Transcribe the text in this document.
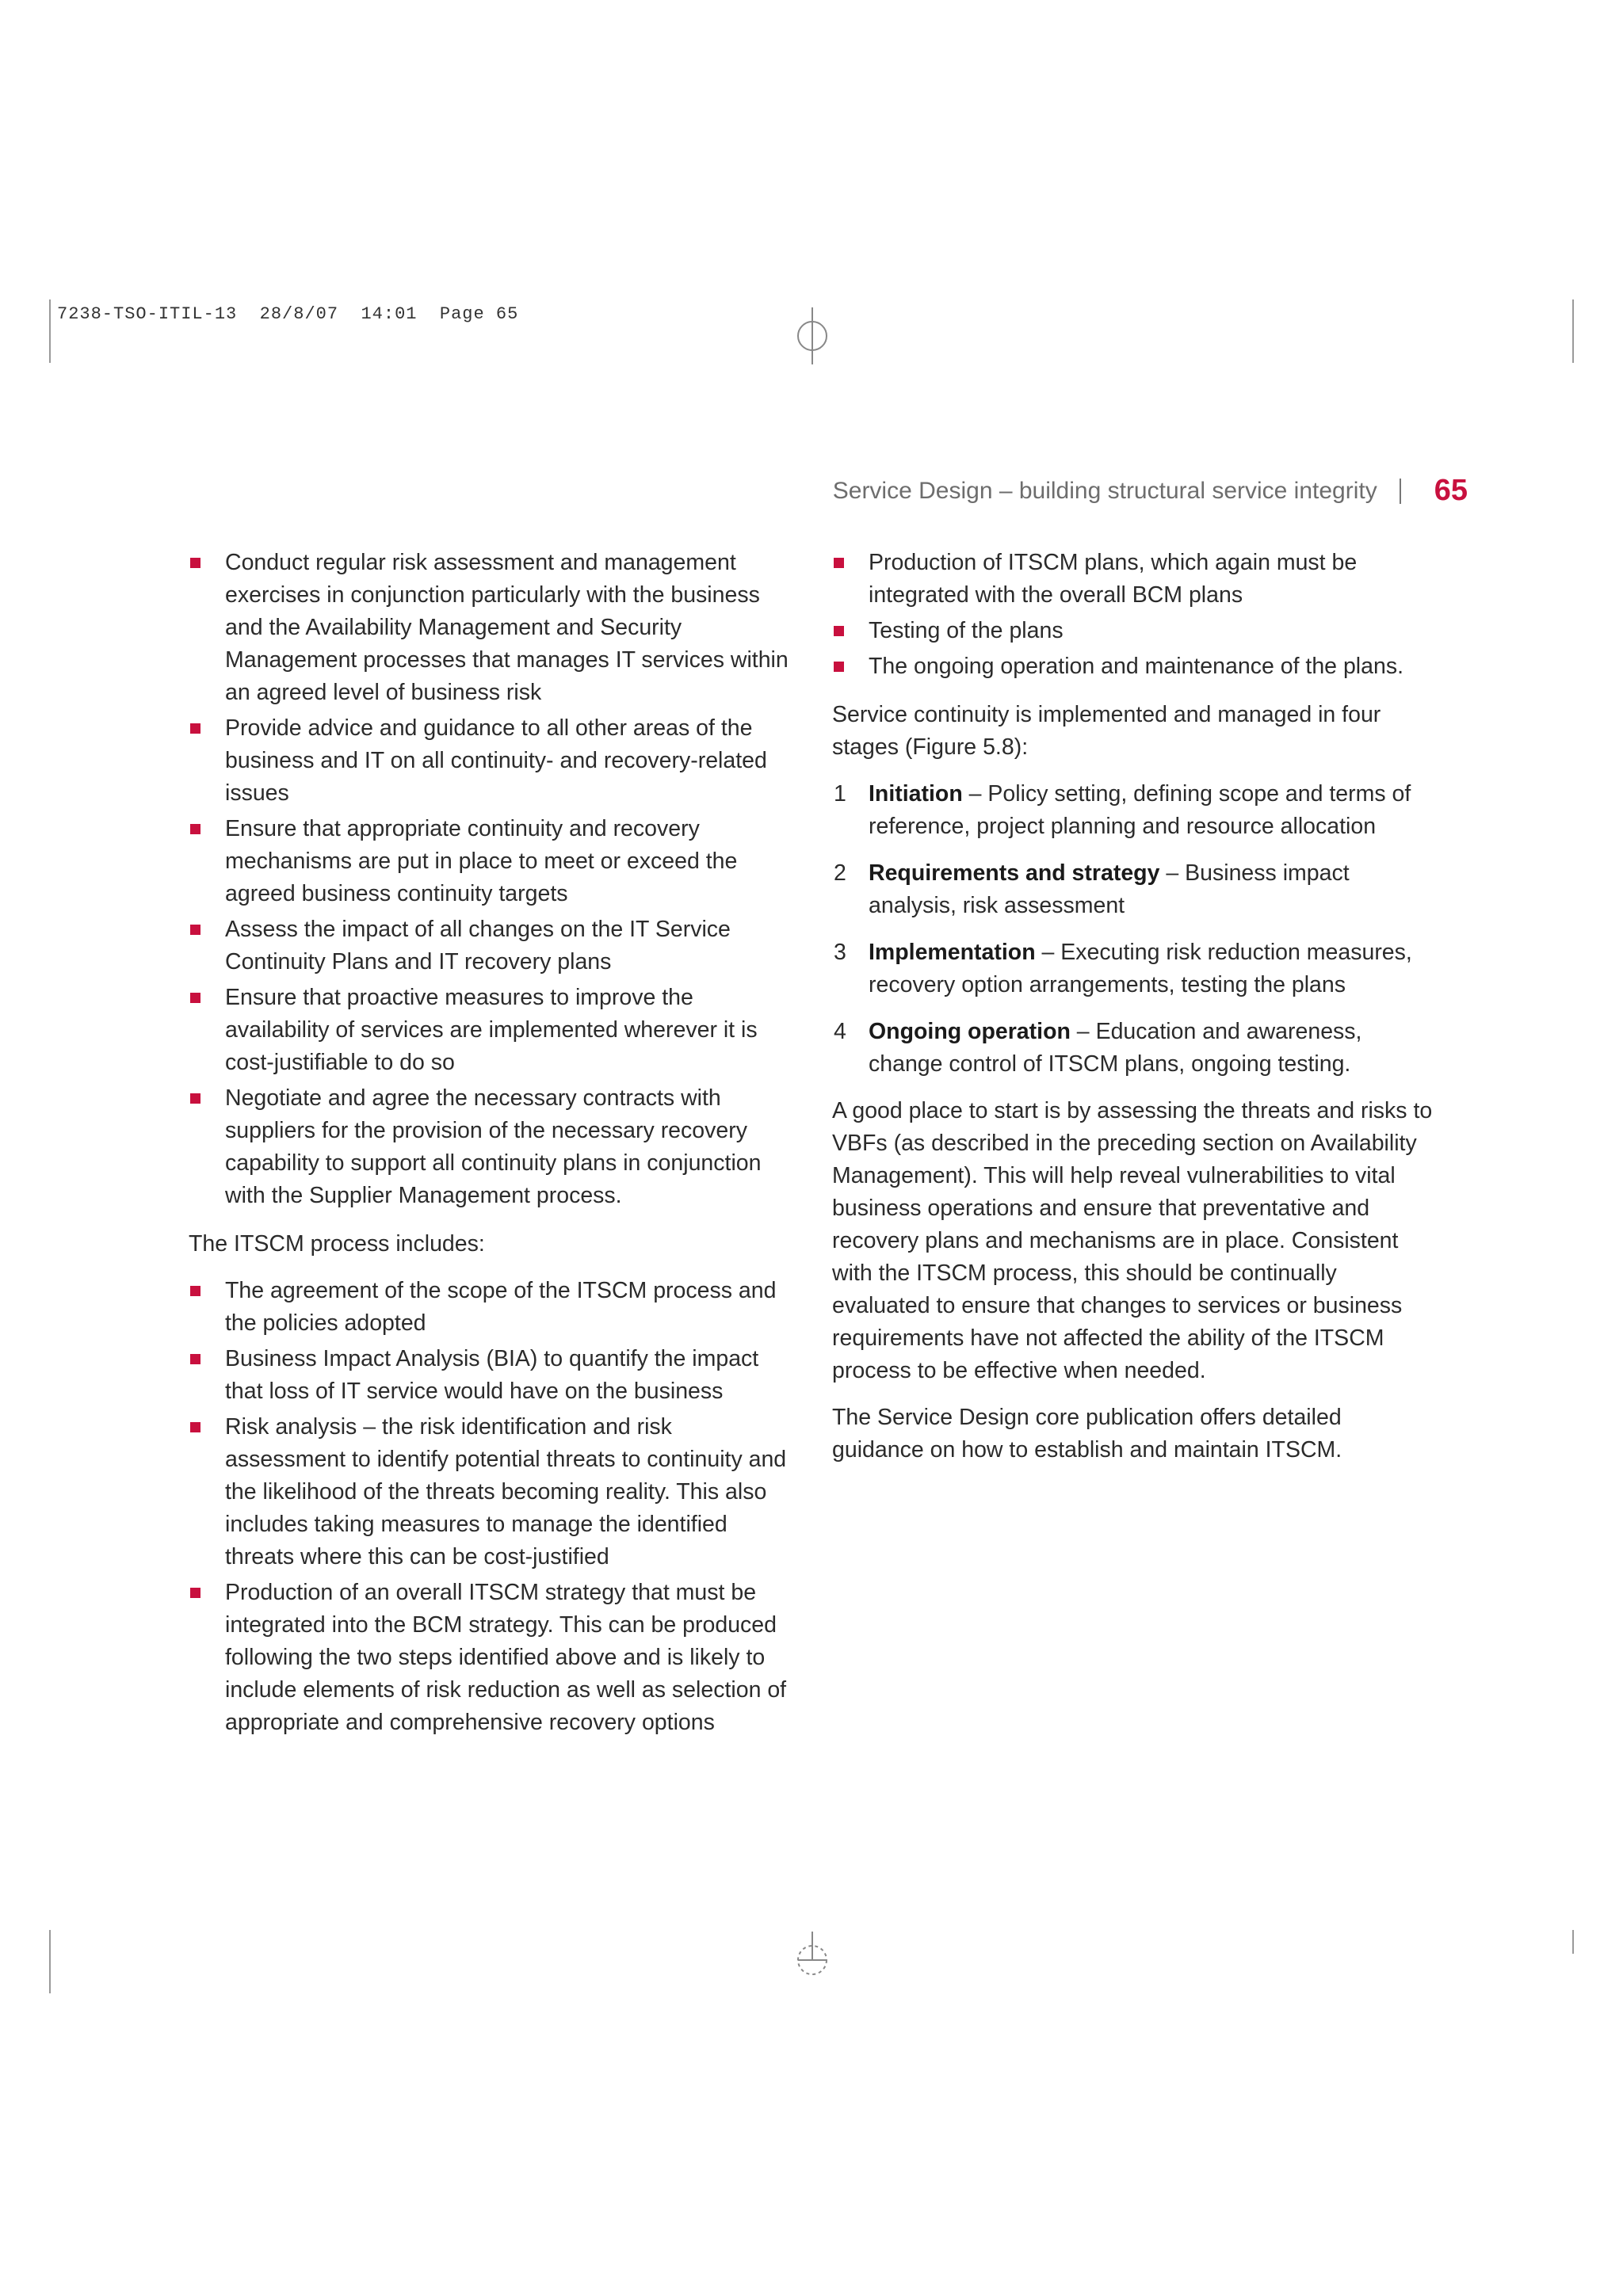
7238-TSO-ITIL-13  28/8/07  14:01  Page 65
Service Design – building structural service integrity 65
Conduct regular risk assessment and management exercises in conjunction particularly with the business and the Availability Management and Security Management processes that manages IT services within an agreed level of business risk
Provide advice and guidance to all other areas of the business and IT on all continuity- and recovery-related issues
Ensure that appropriate continuity and recovery mechanisms are put in place to meet or exceed the agreed business continuity targets
Assess the impact of all changes on the IT Service Continuity Plans and IT recovery plans
Ensure that proactive measures to improve the availability of services are implemented wherever it is cost-justifiable to do so
Negotiate and agree the necessary contracts with suppliers for the provision of the necessary recovery capability to support all continuity plans in conjunction with the Supplier Management process.

The ITSCM process includes:

The agreement of the scope of the ITSCM process and the policies adopted
Business Impact Analysis (BIA) to quantify the impact that loss of IT service would have on the business
Risk analysis – the risk identification and risk assessment to identify potential threats to continuity and the likelihood of the threats becoming reality. This also includes taking measures to manage the identified threats where this can be cost-justified
Production of an overall ITSCM strategy that must be integrated into the BCM strategy. This can be produced following the two steps identified above and is likely to include elements of risk reduction as well as selection of appropriate and comprehensive recovery options
Production of ITSCM plans, which again must be integrated with the overall BCM plans
Testing of the plans
The ongoing operation and maintenance of the plans.

Service continuity is implemented and managed in four stages (Figure 5.8):

1 Initiation – Policy setting, defining scope and terms of reference, project planning and resource allocation
2 Requirements and strategy – Business impact analysis, risk assessment
3 Implementation – Executing risk reduction measures, recovery option arrangements, testing the plans
4 Ongoing operation – Education and awareness, change control of ITSCM plans, ongoing testing.

A good place to start is by assessing the threats and risks to VBFs (as described in the preceding section on Availability Management). This will help reveal vulnerabilities to vital business operations and ensure that preventative and recovery plans and mechanisms are in place. Consistent with the ITSCM process, this should be continually evaluated to ensure that changes to services or business requirements have not affected the ability of the ITSCM process to be effective when needed.

The Service Design core publication offers detailed guidance on how to establish and maintain ITSCM.
